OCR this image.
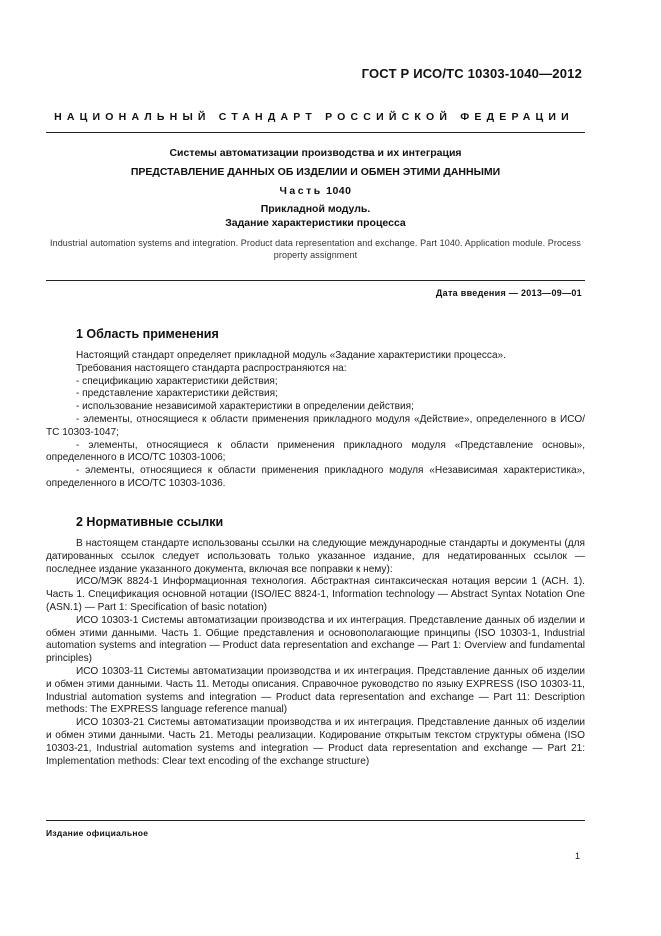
ГОСТ Р ИСО/ТС 10303-1040—2012
НАЦИОНАЛЬНЫЙ СТАНДАРТ РОССИЙСКОЙ ФЕДЕРАЦИИ
Системы автоматизации производства и их интеграция
ПРЕДСТАВЛЕНИЕ ДАННЫХ ОБ ИЗДЕЛИИ И ОБМЕН ЭТИМИ ДАННЫМИ
Часть 1040
Прикладной модуль.
Задание характеристики процесса
Industrial automation systems and integration. Product data representation and exchange. Part 1040. Application module. Process property assignment
Дата введения — 2013—09—01
1 Область применения

Настоящий стандарт определяет прикладной модуль «Задание характеристики процесса».

Требования настоящего стандарта распространяются на:

- спецификацию характеристики действия;

- представление характеристики действия;

- использование независимой характеристики в определении действия;

- элементы, относящиеся к области применения прикладного модуля «Действие», определенного в ИСО/ТС 10303-1047;

- элементы, относящиеся к области применения прикладного модуля «Представление основы», определенного в ИСО/ТС 10303-1006;

- элементы, относящиеся к области применения прикладного модуля «Независимая характеристика», определенного в ИСО/ТС 10303-1036.

2 Нормативные ссылки

В настоящем стандарте использованы ссылки на следующие международные стандарты и документы (для датированных ссылок следует использовать только указанное издание, для недатированных ссылок — последнее издание указанного документа, включая все поправки к нему):

ИСО/МЭК 8824-1 Информационная технология. Абстрактная синтаксическая нотация версии 1 (АСН. 1). Часть 1. Спецификация основной нотации (ISO/IEC 8824-1, Information technology — Abstract Syntax Notation One (ASN.1) — Part 1: Specification of basic notation)

ИСО 10303-1 Системы автоматизации производства и их интеграция. Представление данных об изделии и обмен этими данными. Часть 1. Общие представления и основополагающие принципы (ISO 10303-1, Industrial automation systems and integration — Product data representation and exchange — Part 1: Overview and fundamental principles)

ИСО 10303-11 Системы автоматизации производства и их интеграция. Представление данных об изделии и обмен этими данными. Часть 11. Методы описания. Справочное руководство по языку EXPRESS (ISO 10303-11, Industrial automation systems and integration — Product data representation and exchange — Part 11: Description methods: The EXPRESS language reference manual)

ИСО 10303-21 Системы автоматизации производства и их интеграция. Представление данных об изделии и обмен этими данными. Часть 21. Методы реализации. Кодирование открытым текстом структуры обмена (ISO 10303-21, Industrial automation systems and integration — Product data representation and exchange — Part 21: Implementation methods: Clear text encoding of the exchange structure)

Издание официальное
1
